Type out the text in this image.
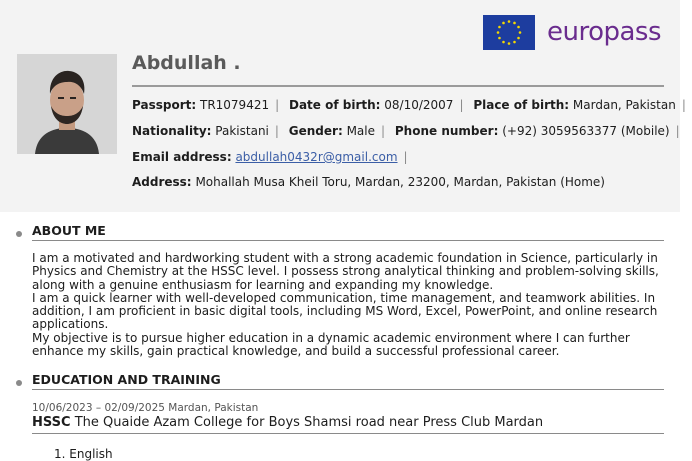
europass
Abdullah .
Passport: TR1079421 | Date of birth: 08/10/2007 | Place of birth: Mardan, Pakistan |
Nationality: Pakistani | Gender: Male | Phone number: (+92) 3059563377 (Mobile) |
Email address: abdullah0432r@gmail.com |
Address: Mohallah Musa Kheil Toru, Mardan, 23200, Mardan, Pakistan (Home)
ABOUT ME

I am a motivated and hardworking student with a strong academic foundation in Science, particularly in Physics and Chemistry at the HSSC level. I possess strong analytical thinking and problem-solving skills, along with a genuine enthusiasm for learning and expanding my knowledge.

I am a quick learner with well-developed communication, time management, and teamwork abilities. In addition, I am proficient in basic digital tools, including MS Word, Excel, PowerPoint, and online research applications.

My objective is to pursue higher education in a dynamic academic environment where I can further enhance my skills, gain practical knowledge, and build a successful professional career.

EDUCATION AND TRAINING
10/06/2023 – 02/09/2025 Mardan, Pakistan
HSSC The Quaide Azam College for Boys Shamsi road near Press Club Mardan
1. English
